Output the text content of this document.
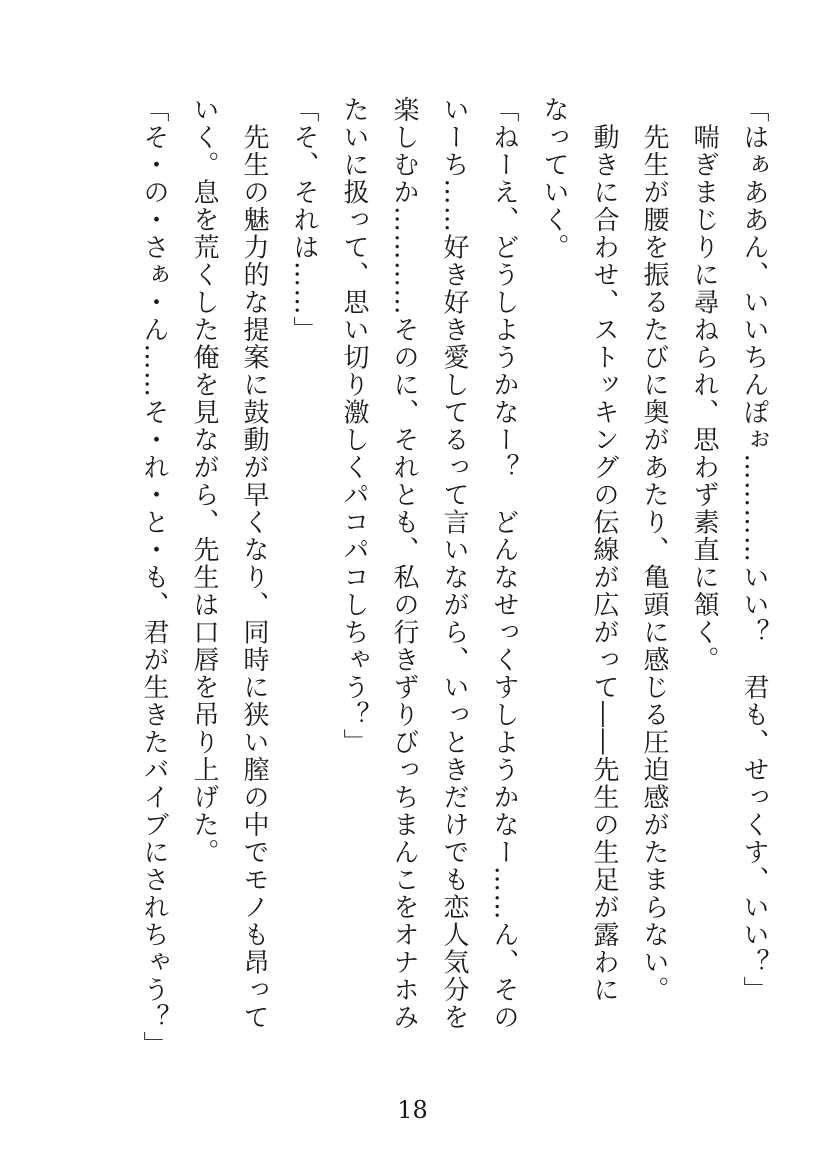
「はぁああん、いいちんぽぉ…………いい？　君も、せっくす、いい？」
　喘ぎまじりに尋ねられ、思わず素直に頷く。
　先生が腰を振るたびに奥があたり、亀頭に感じる圧迫感がたまらない。
　動きに合わせ、ストッキングの伝線が広がって――先生の生足が露わに
なっていく。
「ねーえ、どうしようかなー？　どんなせっくすしようかなー……ん、その
いーち……好き好き愛してるって言いながら、いっときだけでも恋人気分を
楽しむか…………そのに、それとも、私の行きずりびっちまんこをオナホみ
たいに扱って、思い切り激しくパコパコしちゃう？」
「そ、それは……」
　先生の魅力的な提案に鼓動が早くなり、同時に狭い膣の中でモノも昂って
いく。息を荒くした俺を見ながら、先生は口唇を吊り上げた。
「そ・の・さぁ・ん……そ・れ・と・も、君が生きたバイブにされちゃう？」
18
